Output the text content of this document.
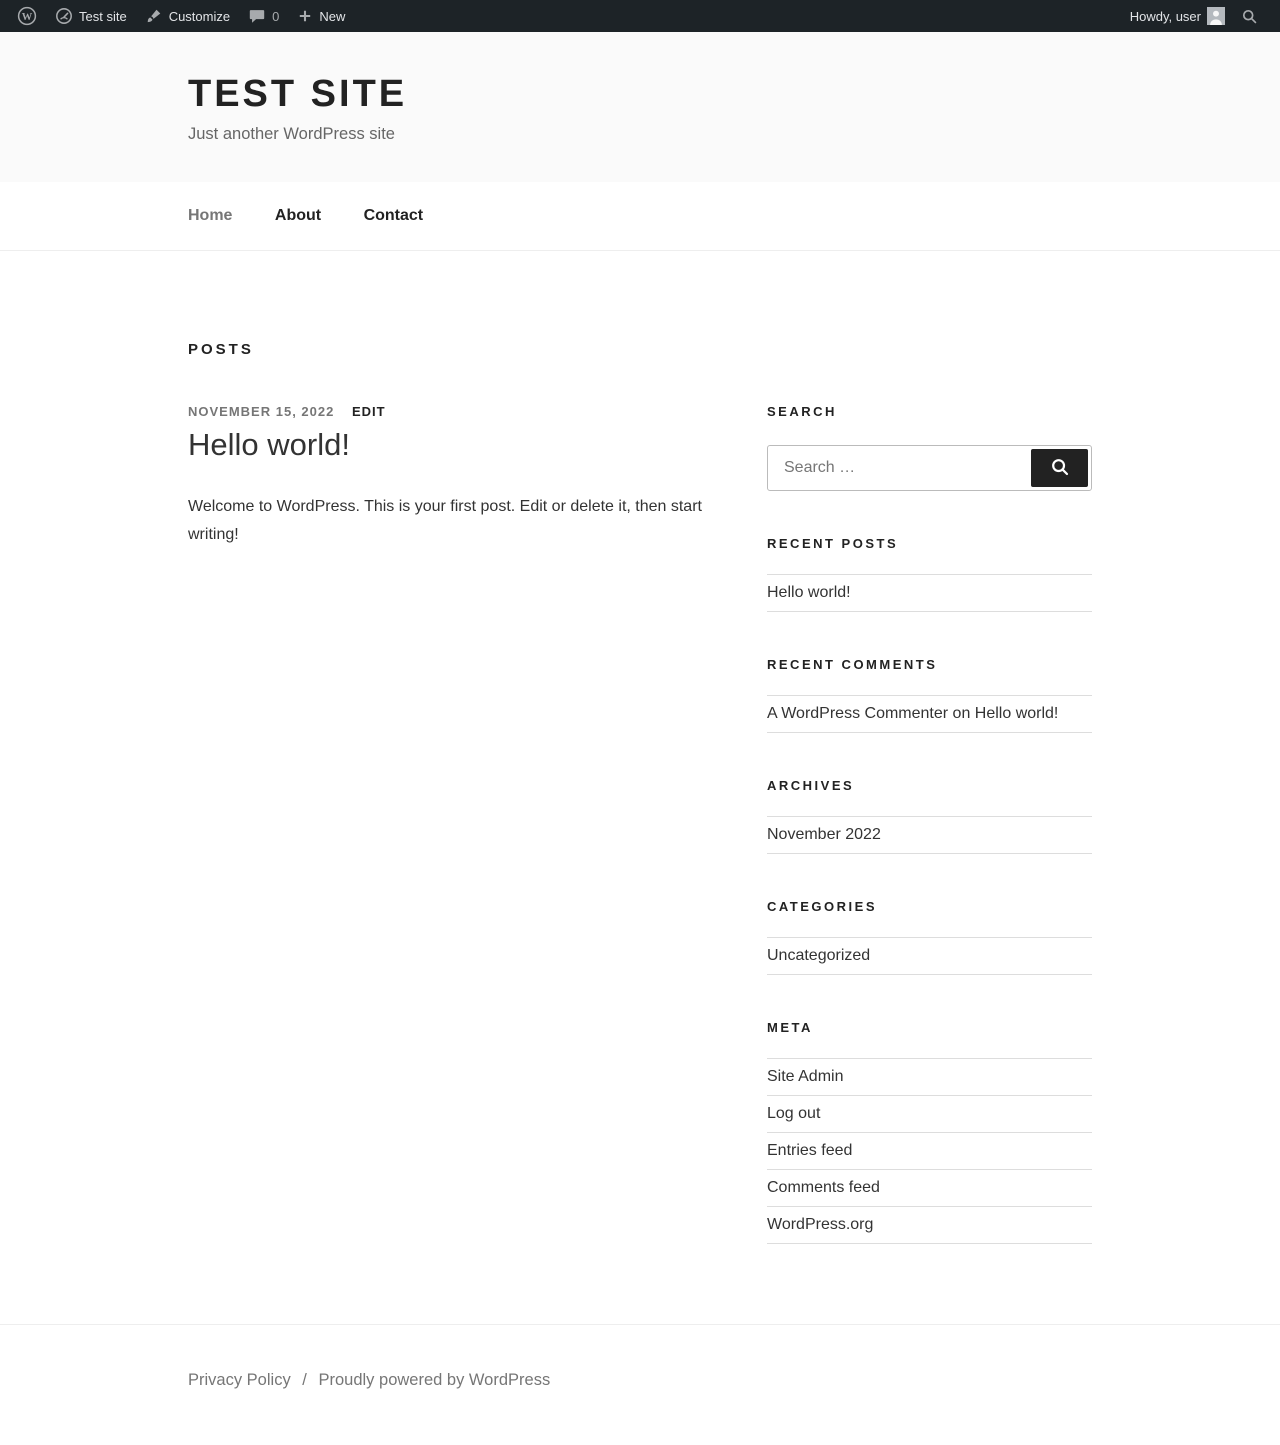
W	Test site	Customize	0	New	Howdy, user
TEST SITE

Just another WordPress site

Home	About	Contact
POSTS
NOVEMBER 15, 2022 EDIT
Hello world!

Welcome to WordPress. This is your first post. Edit or delete it, then start writing!

SEARCH
Search …
RECENT POSTS
Hello world!
RECENT COMMENTS
A WordPress Commenter on Hello world!
ARCHIVES
November 2022
CATEGORIES
Uncategorized
META
Site Admin
Log out
Entries feed
Comments feed
WordPress.org
Privacy Policy / Proudly powered by WordPress
